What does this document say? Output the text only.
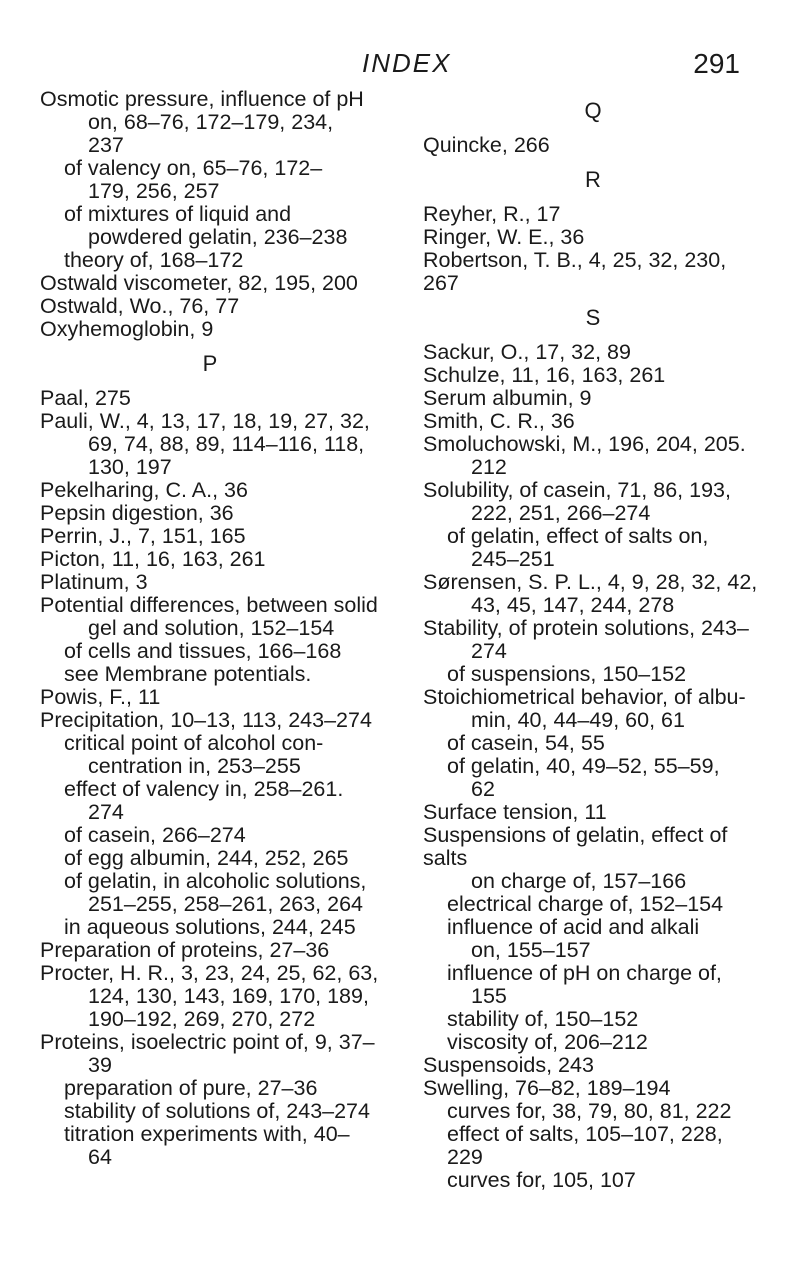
INDEX	291
Osmotic pressure, influence of pH
on, 68–76, 172–179, 234,
237
of valency on, 65–76, 172–
179, 256, 257
of mixtures of liquid and
powdered gelatin, 236–238
theory of, 168–172
Ostwald viscometer, 82, 195, 200
Ostwald, Wo., 76, 77
Oxyhemoglobin, 9
P
Paal, 275
Pauli, W., 4, 13, 17, 18, 19, 27, 32,
69, 74, 88, 89, 114–116, 118,
130, 197
Pekelharing, C. A., 36
Pepsin digestion, 36
Perrin, J., 7, 151, 165
Picton, 11, 16, 163, 261
Platinum, 3
Potential differences, between solid
gel and solution, 152–154
of cells and tissues, 166–168
see Membrane potentials.
Powis, F., 11
Precipitation, 10–13, 113, 243–274
critical point of alcohol con-
centration in, 253–255
effect of valency in, 258–261.
274
of casein, 266–274
of egg albumin, 244, 252, 265
of gelatin, in alcoholic solutions,
251–255, 258–261, 263, 264
in aqueous solutions, 244, 245
Preparation of proteins, 27–36
Procter, H. R., 3, 23, 24, 25, 62, 63,
124, 130, 143, 169, 170, 189,
190–192, 269, 270, 272
Proteins, isoelectric point of, 9, 37–
39
preparation of pure, 27–36
stability of solutions of, 243–274
titration experiments with, 40–
64
Q
Quincke, 266
R
Reyher, R., 17
Ringer, W. E., 36
Robertson, T. B., 4, 25, 32, 230, 267
S
Sackur, O., 17, 32, 89
Schulze, 11, 16, 163, 261
Serum albumin, 9
Smith, C. R., 36
Smoluchowski, M., 196, 204, 205.
212
Solubility, of casein, 71, 86, 193,
222, 251, 266–274
of gelatin, effect of salts on,
245–251
Sørensen, S. P. L., 4, 9, 28, 32, 42,
43, 45, 147, 244, 278
Stability, of protein solutions, 243–
274
of suspensions, 150–152
Stoichiometrical behavior, of albu-
min, 40, 44–49, 60, 61
of casein, 54, 55
of gelatin, 40, 49–52, 55–59,
62
Surface tension, 11
Suspensions of gelatin, effect of salts
on charge of, 157–166
electrical charge of, 152–154
influence of acid and alkali
on, 155–157
influence of pH on charge of,
155
stability of, 150–152
viscosity of, 206–212
Suspensoids, 243
Swelling, 76–82, 189–194
curves for, 38, 79, 80, 81, 222
effect of salts, 105–107, 228, 229
curves for, 105, 107
